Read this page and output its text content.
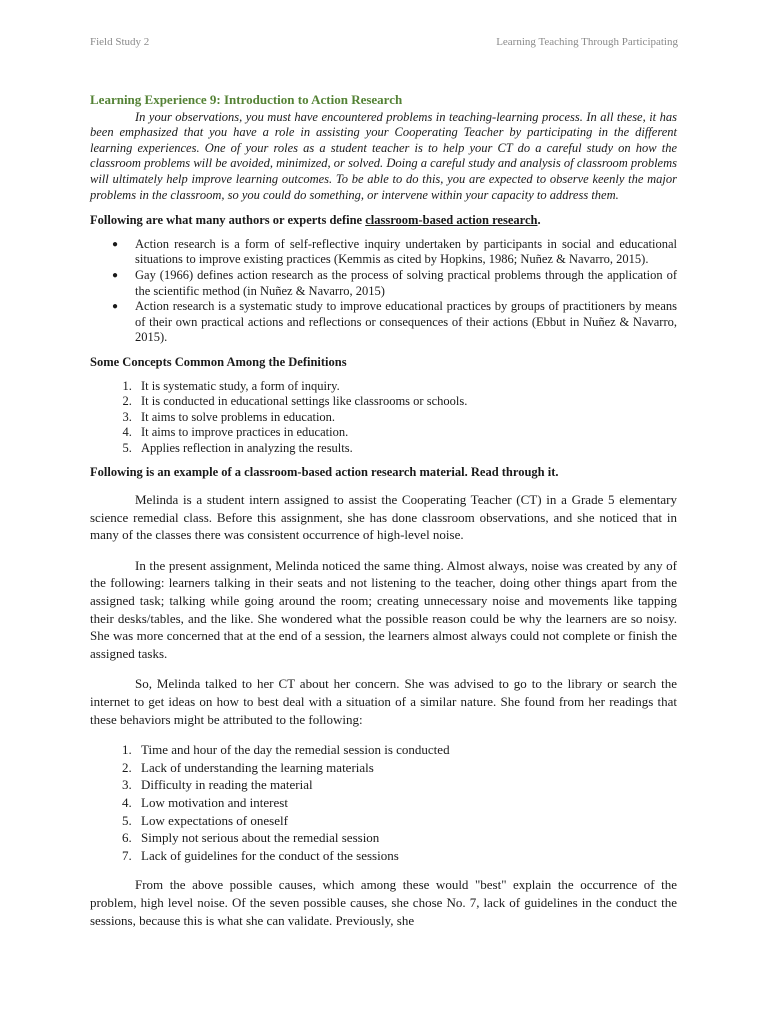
Field Study 2	Learning Teaching Through Participating
Learning Experience 9: Introduction to Action Research

In your observations, you must have encountered problems in teaching-learning process. In all these, it has been emphasized that you have a role in assisting your Cooperating Teacher by participating in the different learning experiences. One of your roles as a student teacher is to help your CT do a careful study on how the classroom problems will be avoided, minimized, or solved. Doing a careful study and analysis of classroom problems will ultimately help improve learning outcomes. To be able to do this, you are expected to observe keenly the major problems in the classroom, so you could do something, or intervene within your capacity to address them.

Following are what many authors or experts define classroom-based action research.

● Action research is a form of self-reflective inquiry undertaken by participants in social and educational situations to improve existing practices (Kemmis as cited by Hopkins, 1986; Nuñez & Navarro, 2015).
● Gay (1966) defines action research as the process of solving practical problems through the application of the scientific method (in Nuñez & Navarro, 2015)
● Action research is a systematic study to improve educational practices by groups of practitioners by means of their own practical actions and reflections or consequences of their actions (Ebbut in Nuñez & Navarro, 2015).

Some Concepts Common Among the Definitions

1. It is systematic study, a form of inquiry.
2. It is conducted in educational settings like classrooms or schools.
3. It aims to solve problems in education.
4. It aims to improve practices in education.
5. Applies reflection in analyzing the results.

Following is an example of a classroom-based action research material. Read through it.

Melinda is a student intern assigned to assist the Cooperating Teacher (CT) in a Grade 5 elementary science remedial class. Before this assignment, she has done classroom observations, and she noticed that in many of the classes there was consistent occurrence of high-level noise.

In the present assignment, Melinda noticed the same thing. Almost always, noise was created by any of the following: learners talking in their seats and not listening to the teacher, doing other things apart from the assigned task; talking while going around the room; creating unnecessary noise and movements like tapping their desks/tables, and the like. She wondered what the possible reason could be why the learners are so noisy. She was more concerned that at the end of a session, the learners almost always could not complete or finish the assigned tasks.

So, Melinda talked to her CT about her concern. She was advised to go to the library or search the internet to get ideas on how to best deal with a situation of a similar nature. She found from her readings that these behaviors might be attributed to the following:

1. Time and hour of the day the remedial session is conducted
2. Lack of understanding the learning materials
3. Difficulty in reading the material
4. Low motivation and interest
5. Low expectations of oneself
6. Simply not serious about the remedial session
7. Lack of guidelines for the conduct of the sessions

From the above possible causes, which among these would "best" explain the occurrence of the problem, high level noise. Of the seven possible causes, she chose No. 7, lack of guidelines in the conduct the sessions, because this is what she can validate. Previously, she
